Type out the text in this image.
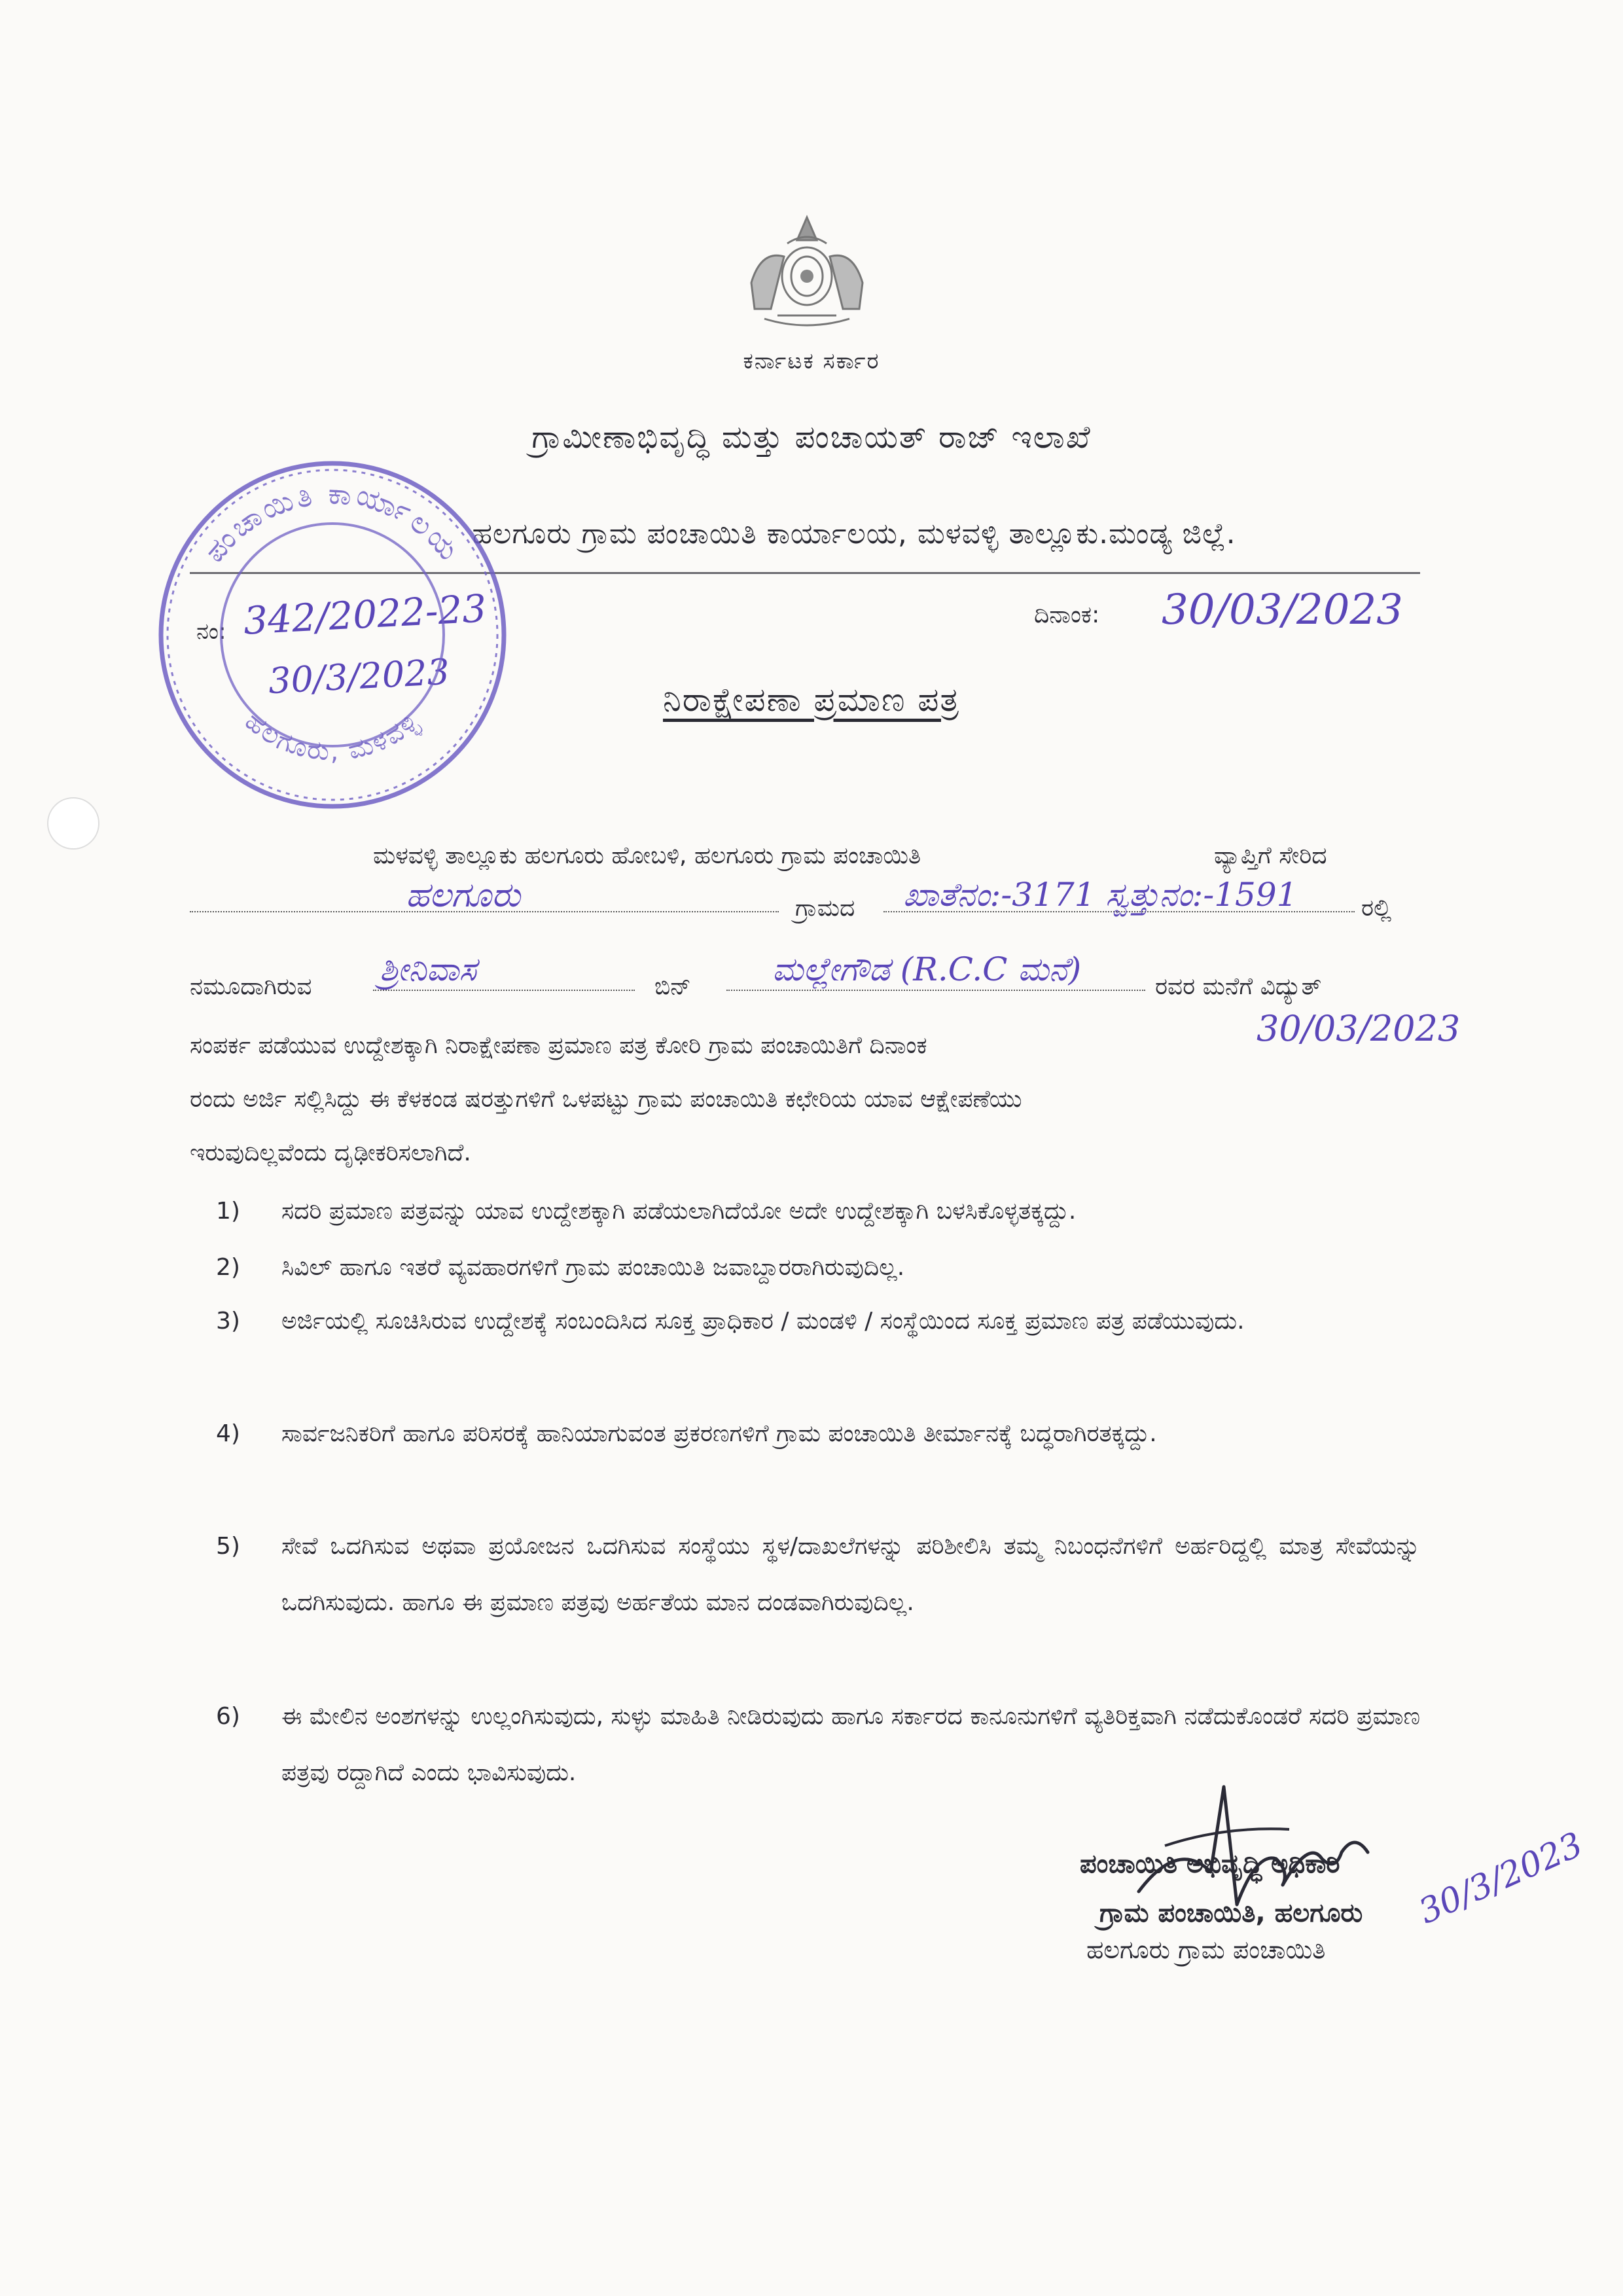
ಕರ್ನಾಟಕ ಸರ್ಕಾರ
ಗ್ರಾಮೀಣಾಭಿವೃದ್ಧಿ ಮತ್ತು ಪಂಚಾಯತ್ ರಾಜ್ ಇಲಾಖೆ
ಹಲಗೂರು ಗ್ರಾಮ ಪಂಚಾಯಿತಿ ಕಾರ್ಯಾಲಯ, ಮಳವಳ್ಳಿ ತಾಲ್ಲೂಕು.ಮಂಡ್ಯ ಜಿಲ್ಲೆ.
ನಂ: 342/2022-23
30/3/2023
ದಿನಾಂಕ: 30/03/2023
ನಿರಾಕ್ಷೇಪಣಾ ಪ್ರಮಾಣ ಪತ್ರ
ಮಳವಳ್ಳಿ ತಾಲ್ಲೂಕು ಹಲಗೂರು ಹೋಬಳಿ, ಹಲಗೂರು ಗ್ರಾಮ ಪಂಚಾಯಿತಿ	ವ್ಯಾಪ್ತಿಗೆ ಸೇರಿದ
ಹಲಗೂರು	ಗ್ರಾಮದ ಖಾತೆನಂ:-3171 ಸ್ವತ್ತುನಂ:-1591	ರಲ್ಲಿ
ನಮೂದಾಗಿರುವ ಶ್ರೀನಿವಾಸ	ಬಿನ್ ಮಲ್ಲೇಗೌಡ (R.C.C ಮನೆ)	ರವರ ಮನೆಗೆ ವಿದ್ಯುತ್
ಸಂಪರ್ಕ ಪಡೆಯುವ ಉದ್ದೇಶಕ್ಕಾಗಿ ನಿರಾಕ್ಷೇಪಣಾ ಪ್ರಮಾಣ ಪತ್ರ ಕೋರಿ ಗ್ರಾಮ ಪಂಚಾಯಿತಿಗೆ ದಿನಾಂಕ	30/03/2023
ರಂದು ಅರ್ಜಿ ಸಲ್ಲಿಸಿದ್ದು ಈ ಕೆಳಕಂಡ ಷರತ್ತುಗಳಿಗೆ ಒಳಪಟ್ಟು ಗ್ರಾಮ ಪಂಚಾಯಿತಿ ಕಛೇರಿಯ ಯಾವ ಆಕ್ಷೇಪಣೆಯು
ಇರುವುದಿಲ್ಲವೆಂದು ದೃಢೀಕರಿಸಲಾಗಿದೆ.
1)	ಸದರಿ ಪ್ರಮಾಣ ಪತ್ರವನ್ನು ಯಾವ ಉದ್ದೇಶಕ್ಕಾಗಿ ಪಡೆಯಲಾಗಿದೆಯೋ ಅದೇ ಉದ್ದೇಶಕ್ಕಾಗಿ ಬಳಸಿಕೊಳ್ಳತಕ್ಕದ್ದು.
2)	ಸಿವಿಲ್ ಹಾಗೂ ಇತರೆ ವ್ಯವಹಾರಗಳಿಗೆ ಗ್ರಾಮ ಪಂಚಾಯಿತಿ ಜವಾಬ್ದಾರರಾಗಿರುವುದಿಲ್ಲ.
3)	ಅರ್ಜಿಯಲ್ಲಿ ಸೂಚಿಸಿರುವ ಉದ್ದೇಶಕ್ಕೆ ಸಂಬಂದಿಸಿದ ಸೂಕ್ತ ಪ್ರಾಧಿಕಾರ / ಮಂಡಳಿ / ಸಂಸ್ಥೆಯಿಂದ ಸೂಕ್ತ ಪ್ರಮಾಣ ಪತ್ರ ಪಡೆಯುವುದು.
4)	ಸಾರ್ವಜನಿಕರಿಗೆ ಹಾಗೂ ಪರಿಸರಕ್ಕೆ ಹಾನಿಯಾಗುವಂತ ಪ್ರಕರಣಗಳಿಗೆ ಗ್ರಾಮ ಪಂಚಾಯಿತಿ ತೀರ್ಮಾನಕ್ಕೆ ಬದ್ಧರಾಗಿರತಕ್ಕದ್ದು.
5)	ಸೇವೆ ಒದಗಿಸುವ ಅಥವಾ ಪ್ರಯೋಜನ ಒದಗಿಸುವ ಸಂಸ್ಥೆಯು ಸ್ಥಳ/ದಾಖಲೆಗಳನ್ನು ಪರಿಶೀಲಿಸಿ ತಮ್ಮ ನಿಬಂಧನೆಗಳಿಗೆ ಅರ್ಹರಿದ್ದಲ್ಲಿ ಮಾತ್ರ ಸೇವೆಯನ್ನು ಒದಗಿಸುವುದು. ಹಾಗೂ ಈ ಪ್ರಮಾಣ ಪತ್ರವು ಅರ್ಹತೆಯ ಮಾನ ದಂಡವಾಗಿರುವುದಿಲ್ಲ.
6)	ಈ ಮೇಲಿನ ಅಂಶಗಳನ್ನು ಉಲ್ಲಂಗಿಸುವುದು, ಸುಳ್ಳು ಮಾಹಿತಿ ನೀಡಿರುವುದು ಹಾಗೂ ಸರ್ಕಾರದ ಕಾನೂನುಗಳಿಗೆ ವ್ಯತಿರಿಕ್ತವಾಗಿ ನಡೆದುಕೊಂಡರೆ ಸದರಿ ಪ್ರಮಾಣ ಪತ್ರವು ರದ್ದಾಗಿದೆ ಎಂದು ಭಾವಿಸುವುದು.
ಪಂಚಾಯಿತಿ ಅಭಿವೃದ್ಧಿ ಅಧಿಕಾರಿ
ಗ್ರಾಮ ಪಂಚಾಯಿತಿ, ಹಲಗೂರು
ಹಲಗೂರು ಗ್ರಾಮ ಪಂಚಾಯಿತಿ
30/3/2023
ಪಂಚಾಯಿತಿ ಕಾರ್ಯಾಲಯ
ಹಲಗೂರು, ಮಳವಳ್ಳಿ
